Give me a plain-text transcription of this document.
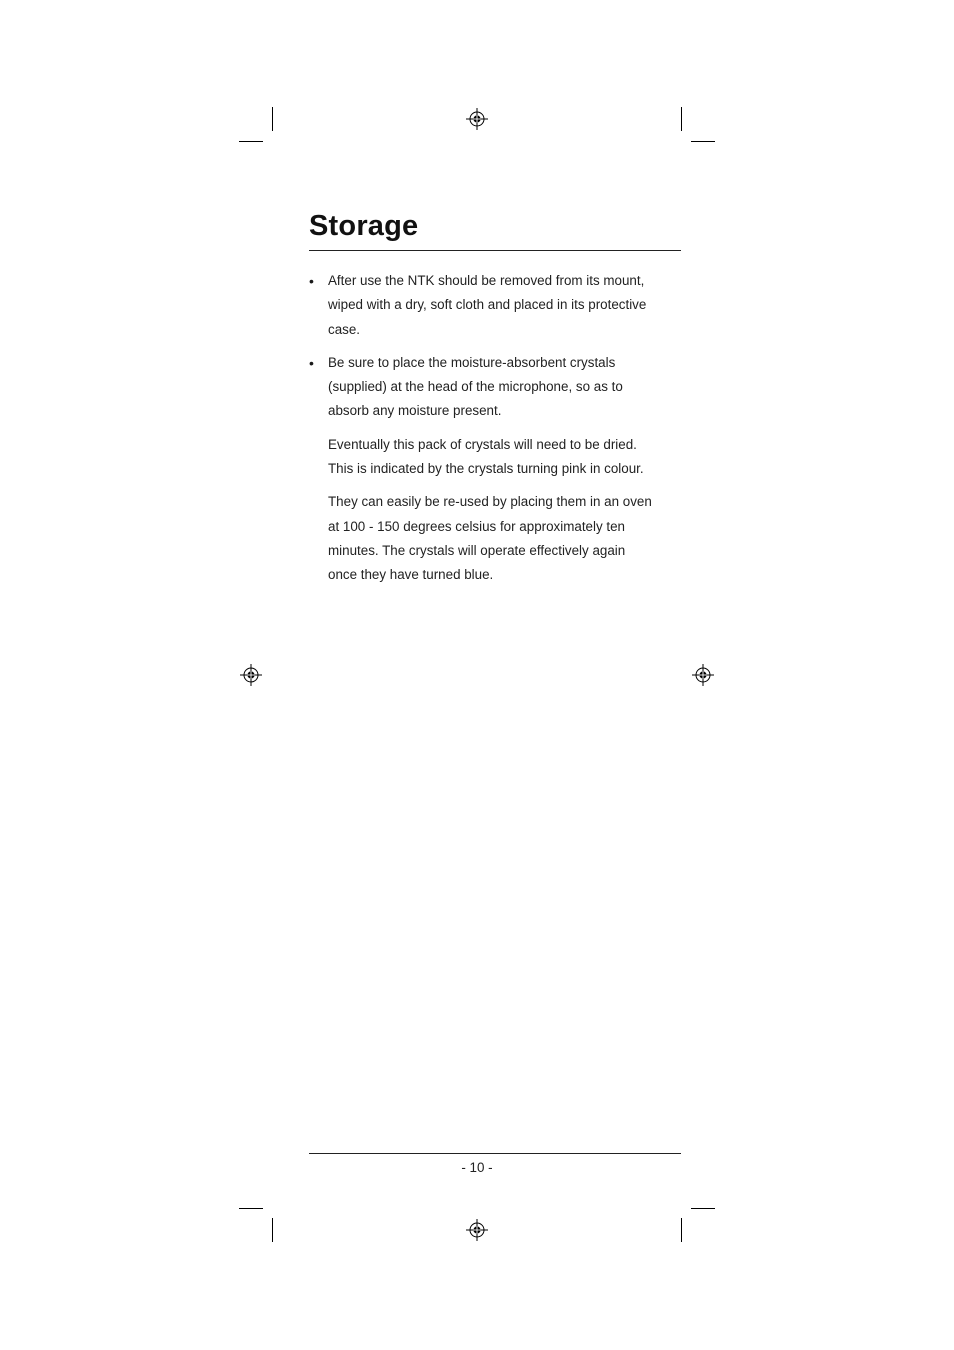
Storage
• After use the NTK should be removed from its mount, wiped with a dry, soft cloth and placed in its protective case.

• Be sure to place the moisture-absorbent crystals (supplied) at the head of the microphone, so as to absorb any moisture present.

Eventually this pack of crystals will need to be dried. This is indicated by the crystals turning pink in colour.

They can easily be re-used by placing them in an oven at 100 - 150 degrees celsius for approximately ten minutes. The crystals will operate effectively again once they have turned blue.

- 10 -
